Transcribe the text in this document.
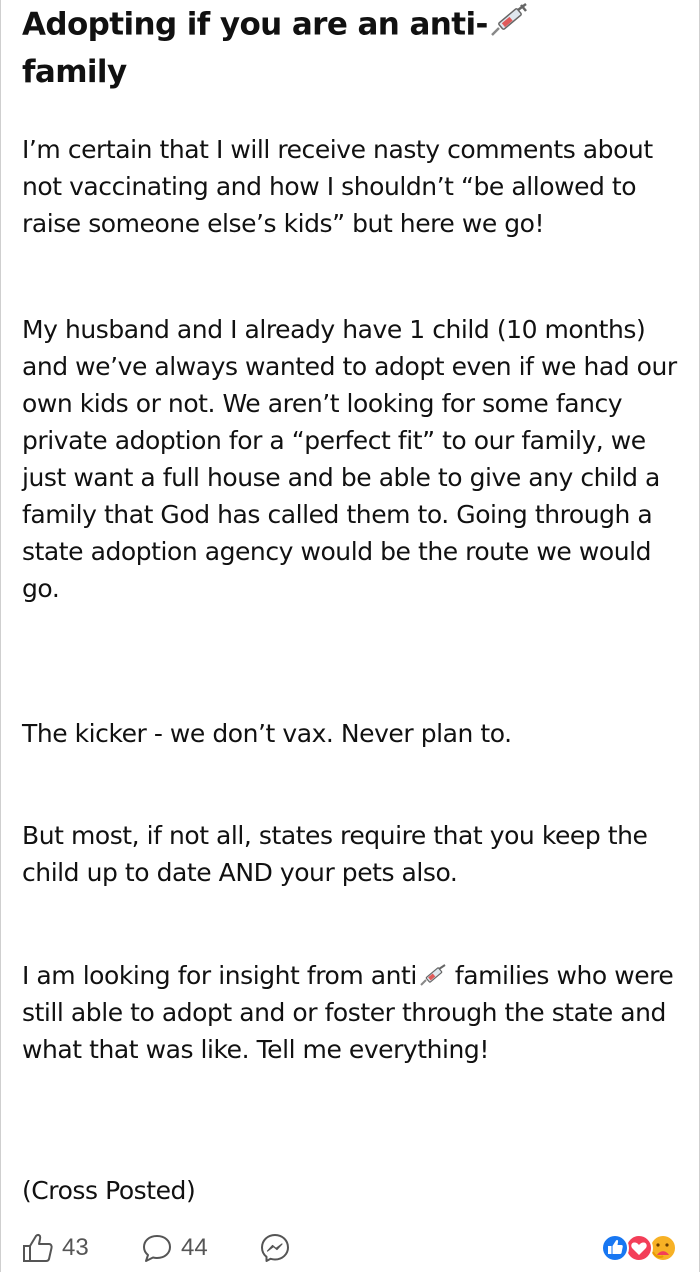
Adopting if you are an anti-
family

I’m certain that I will receive nasty comments about not vaccinating and how I shouldn’t “be allowed to raise someone else’s kids” but here we go!

My husband and I already have 1 child (10 months) and we’ve always wanted to adopt even if we had our own kids or not. We aren’t looking for some fancy private adoption for a “perfect fit” to our family, we just want a full house and be able to give any child a family that God has called them to. Going through a state adoption agency would be the route we would go.

The kicker - we don’t vax. Never plan to.

But most, if not all, states require that you keep the child up to date AND your pets also.

I am looking for insight from anti families who were still able to adopt and or foster through the state and what that was like. Tell me everything!

(Cross Posted)

43	44
